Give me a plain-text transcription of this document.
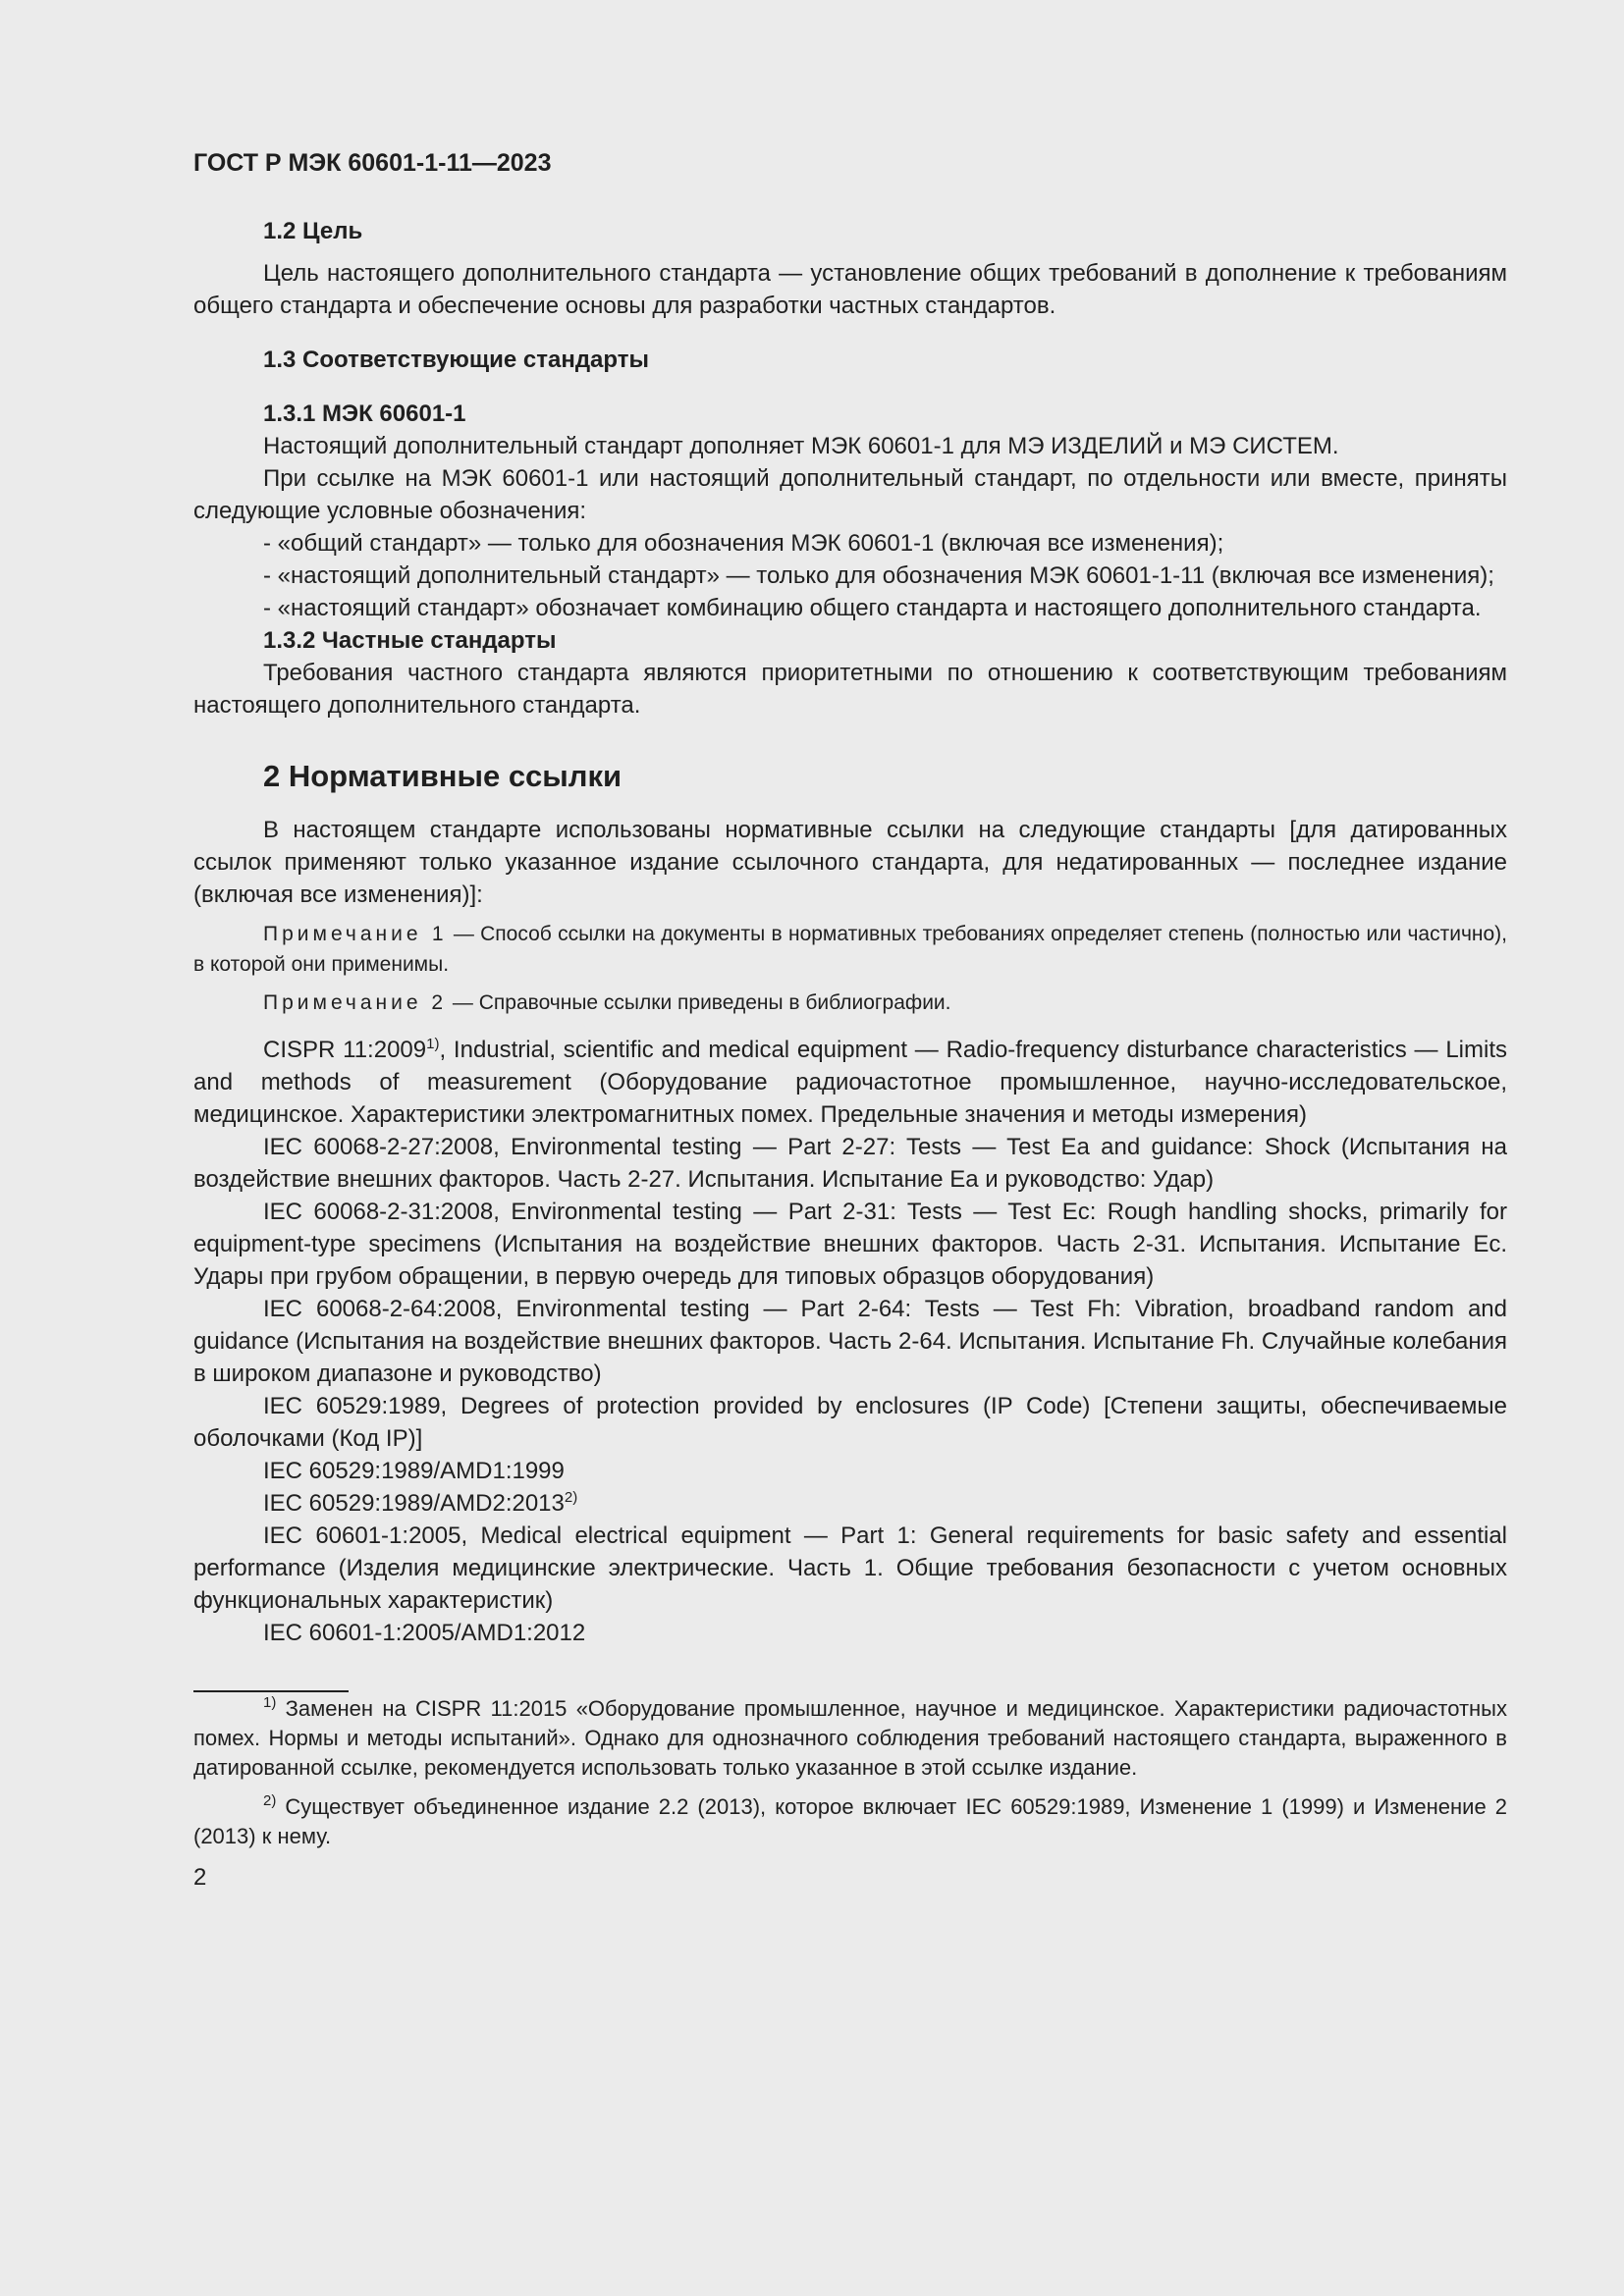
ГОСТ Р МЭК 60601-1-11—2023

1.2 Цель

Цель настоящего дополнительного стандарта — установление общих требований в дополнение к требованиям общего стандарта и обеспечение основы для разработки частных стандартов.

1.3 Соответствующие стандарты

1.3.1 МЭК 60601-1

Настоящий дополнительный стандарт дополняет МЭК 60601-1 для МЭ ИЗДЕЛИЙ и МЭ СИСТЕМ.

При ссылке на МЭК 60601-1 или настоящий дополнительный стандарт, по отдельности или вместе, приняты следующие условные обозначения:

- «общий стандарт» — только для обозначения МЭК 60601-1 (включая все изменения);

- «настоящий дополнительный стандарт» — только для обозначения МЭК 60601-1-11 (включая все изменения);

- «настоящий стандарт» обозначает комбинацию общего стандарта и настоящего дополнительного стандарта.

1.3.2 Частные стандарты

Требования частного стандарта являются приоритетными по отношению к соответствующим требованиям настоящего дополнительного стандарта.

2 Нормативные ссылки

В настоящем стандарте использованы нормативные ссылки на следующие стандарты [для датированных ссылок применяют только указанное издание ссылочного стандарта, для недатированных — последнее издание (включая все изменения)]:

Примечание 1 — Способ ссылки на документы в нормативных требованиях определяет степень (полностью или частично), в которой они применимы.

Примечание 2 — Справочные ссылки приведены в библиографии.

CISPR 11:2009$^{1)}$, Industrial, scientific and medical equipment — Radio-frequency disturbance characteristics — Limits and methods of measurement (Оборудование радиочастотное промышленное, научно-исследовательское, медицинское. Характеристики электромагнитных помех. Предельные значения и методы измерения)

IEC 60068-2-27:2008, Environmental testing — Part 2-27: Tests — Test Ea and guidance: Shock (Испытания на воздействие внешних факторов. Часть 2-27. Испытания. Испытание Ea и руководство: Удар)

IEC 60068-2-31:2008, Environmental testing — Part 2-31: Tests — Test Ec: Rough handling shocks, primarily for equipment-type specimens (Испытания на воздействие внешних факторов. Часть 2-31. Испытания. Испытание Ec. Удары при грубом обращении, в первую очередь для типовых образцов оборудования)

IEC 60068-2-64:2008, Environmental testing — Part 2-64: Tests — Test Fh: Vibration, broadband random and guidance (Испытания на воздействие внешних факторов. Часть 2-64. Испытания. Испытание Fh. Случайные колебания в широком диапазоне и руководство)

IEC 60529:1989, Degrees of protection provided by enclosures (IP Code) [Степени защиты, обеспечиваемые оболочками (Код IP)]

IEC 60529:1989/AMD1:1999

IEC 60529:1989/AMD2:2013$^{2)}$

IEC 60601-1:2005, Medical electrical equipment — Part 1: General requirements for basic safety and essential performance (Изделия медицинские электрические. Часть 1. Общие требования безопасности с учетом основных функциональных характеристик)

IEC 60601-1:2005/AMD1:2012

$^{1)}$ Заменен на CISPR 11:2015 «Оборудование промышленное, научное и медицинское. Характеристики радиочастотных помех. Нормы и методы испытаний». Однако для однозначного соблюдения требований настоящего стандарта, выраженного в датированной ссылке, рекомендуется использовать только указанное в этой ссылке издание.

$^{2)}$ Существует объединенное издание 2.2 (2013), которое включает IEC 60529:1989, Изменение 1 (1999) и Изменение 2 (2013) к нему.

2
